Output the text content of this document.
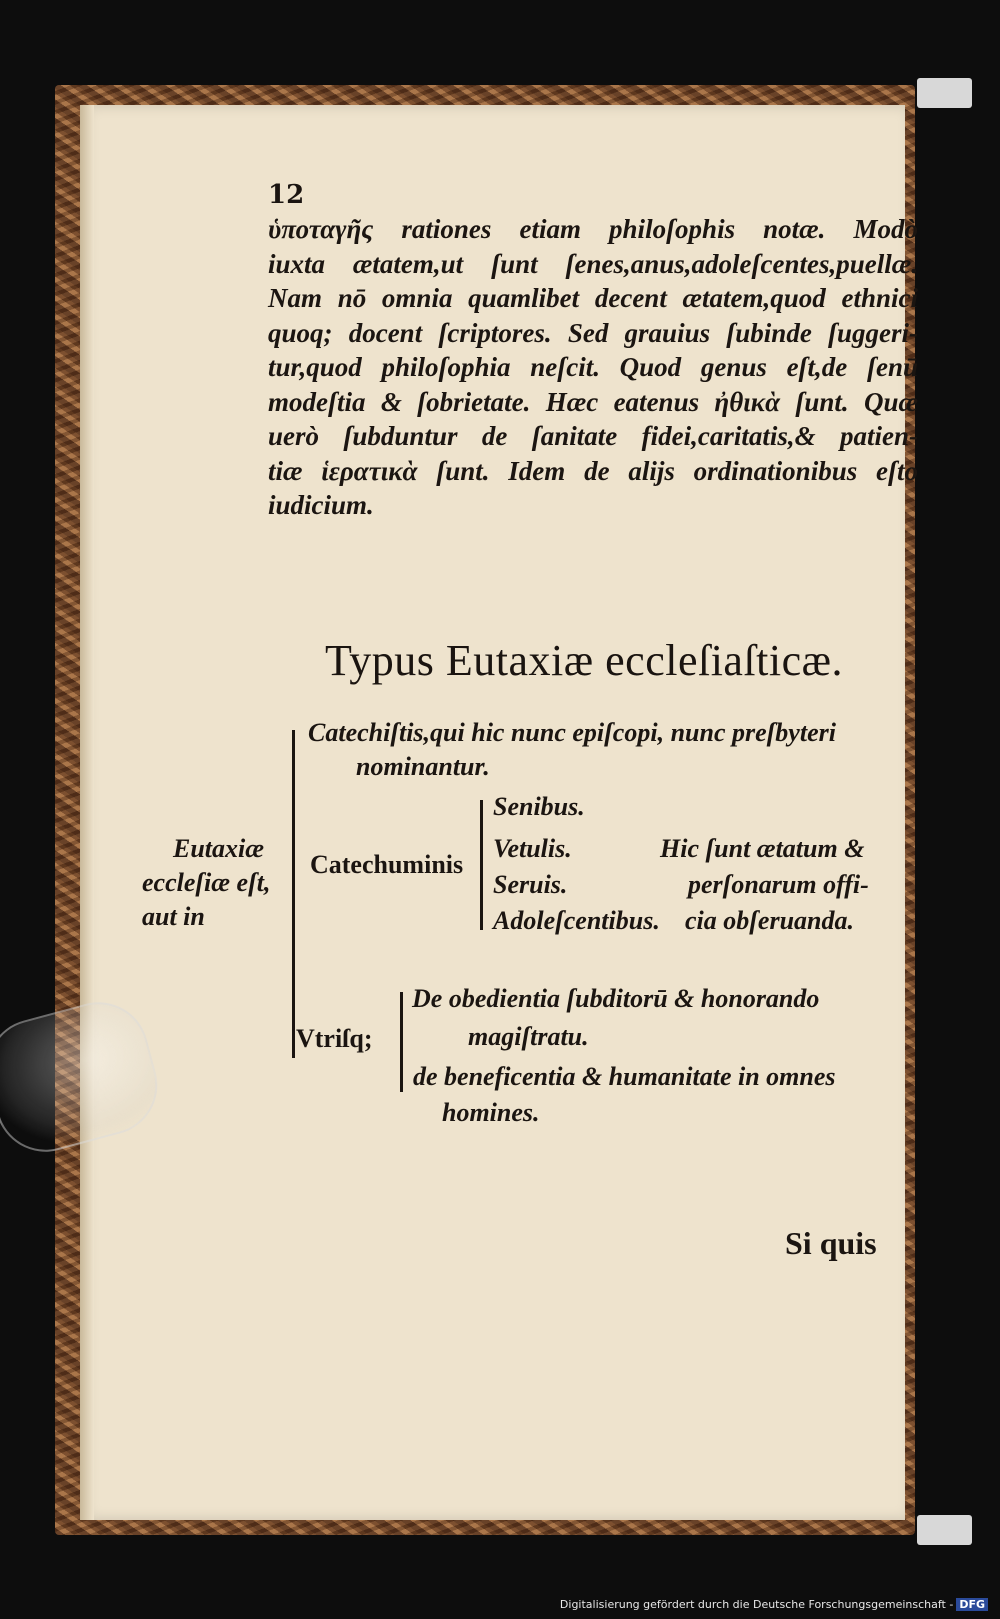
12
ὑποταγῆς rationes etiam philoſophis notæ. Modò
iuxta ætatem,ut ſunt ſenes,anus,adoleſcentes,puellæ.
Nam nō omnia quamlibet decent ætatem,quod ethnici
quoq; docent ſcriptores. Sed grauius ſubinde ſuggeri-
tur,quod philoſophia neſcit. Quod genus eſt,de ſenū
modeſtia & ſobrietate. Hæc eatenus ἠθικὰ ſunt. Quæ
uerò ſubduntur de ſanitate fidei,caritatis,& patien-
tiæ ἱερατικὰ ſunt. Idem de alijs ordinationibus eſto
iudicium.
Typus Eutaxiæ eccleſiaſticæ.
Eutaxiæ
eccleſiæ eſt,
aut in
Catechiſtis,qui hic nunc epiſcopi, nunc preſbyteri
nominantur.
Catechuminis
Senibus.
Vetulis.
Seruis.
Adoleſcentibus.
Hic ſunt ætatum &
perſonarum offi-
cia obſeruanda.
Vtriſq;
De obedientia ſubditorū & honorando
magiſtratu.
de beneficentia & humanitate in omnes
homines.
Si quis
Digitalisierung gefördert durch die Deutsche Forschungsgemeinschaft - DFG
